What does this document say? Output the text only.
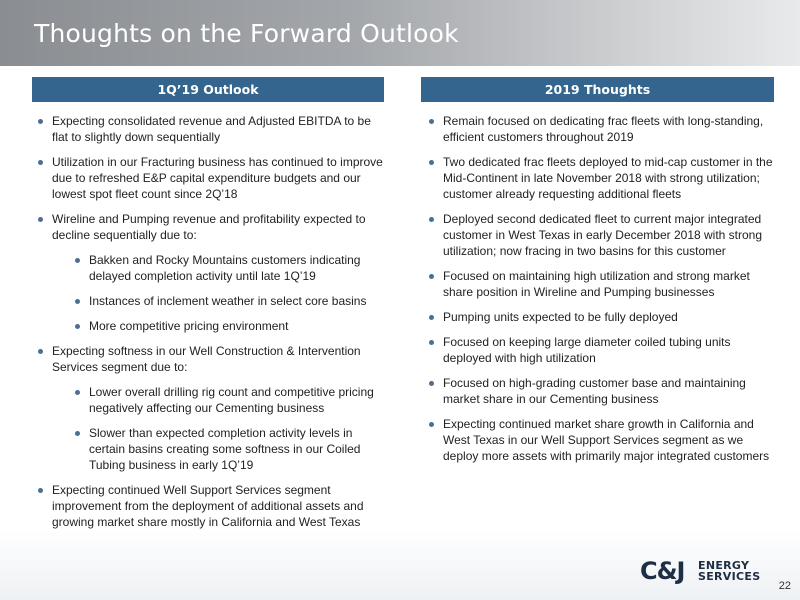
Thoughts on the Forward Outlook
1Q’19 Outlook	2019 Thoughts
Expecting consolidated revenue and Adjusted EBITDA to be flat to slightly down sequentially
Utilization in our Fracturing business has continued to improve due to refreshed E&P capital expenditure budgets and our lowest spot fleet count since 2Q’18
Wireline and Pumping revenue and profitability expected to decline sequentially due to:
Bakken and Rocky Mountains customers indicating delayed completion activity until late 1Q’19
Instances of inclement weather in select core basins
More competitive pricing environment
Expecting softness in our Well Construction & Intervention Services segment due to:
Lower overall drilling rig count and competitive pricing negatively affecting our Cementing business
Slower than expected completion activity levels in certain basins creating some softness in our Coiled Tubing business in early 1Q’19
Expecting continued Well Support Services segment improvement from the deployment of additional assets and growing market share mostly in California and West Texas
Remain focused on dedicating frac fleets with long-standing, efficient customers throughout 2019
Two dedicated frac fleets deployed to mid-cap customer in the Mid-Continent in late November 2018 with strong utilization; customer already requesting additional fleets
Deployed second dedicated fleet to current major integrated customer in West Texas in early December 2018 with strong utilization; now fracing in two basins for this customer
Focused on maintaining high utilization and strong market share position in Wireline and Pumping businesses
Pumping units expected to be fully deployed
Focused on keeping large diameter coiled tubing units deployed with high utilization
Focused on high-grading customer base and maintaining market share in our Cementing business
Expecting continued market share growth in California and West Texas in our Well Support Services segment as we deploy more assets with primarily major integrated customers
C&J ENERGY
SERVICES
22
